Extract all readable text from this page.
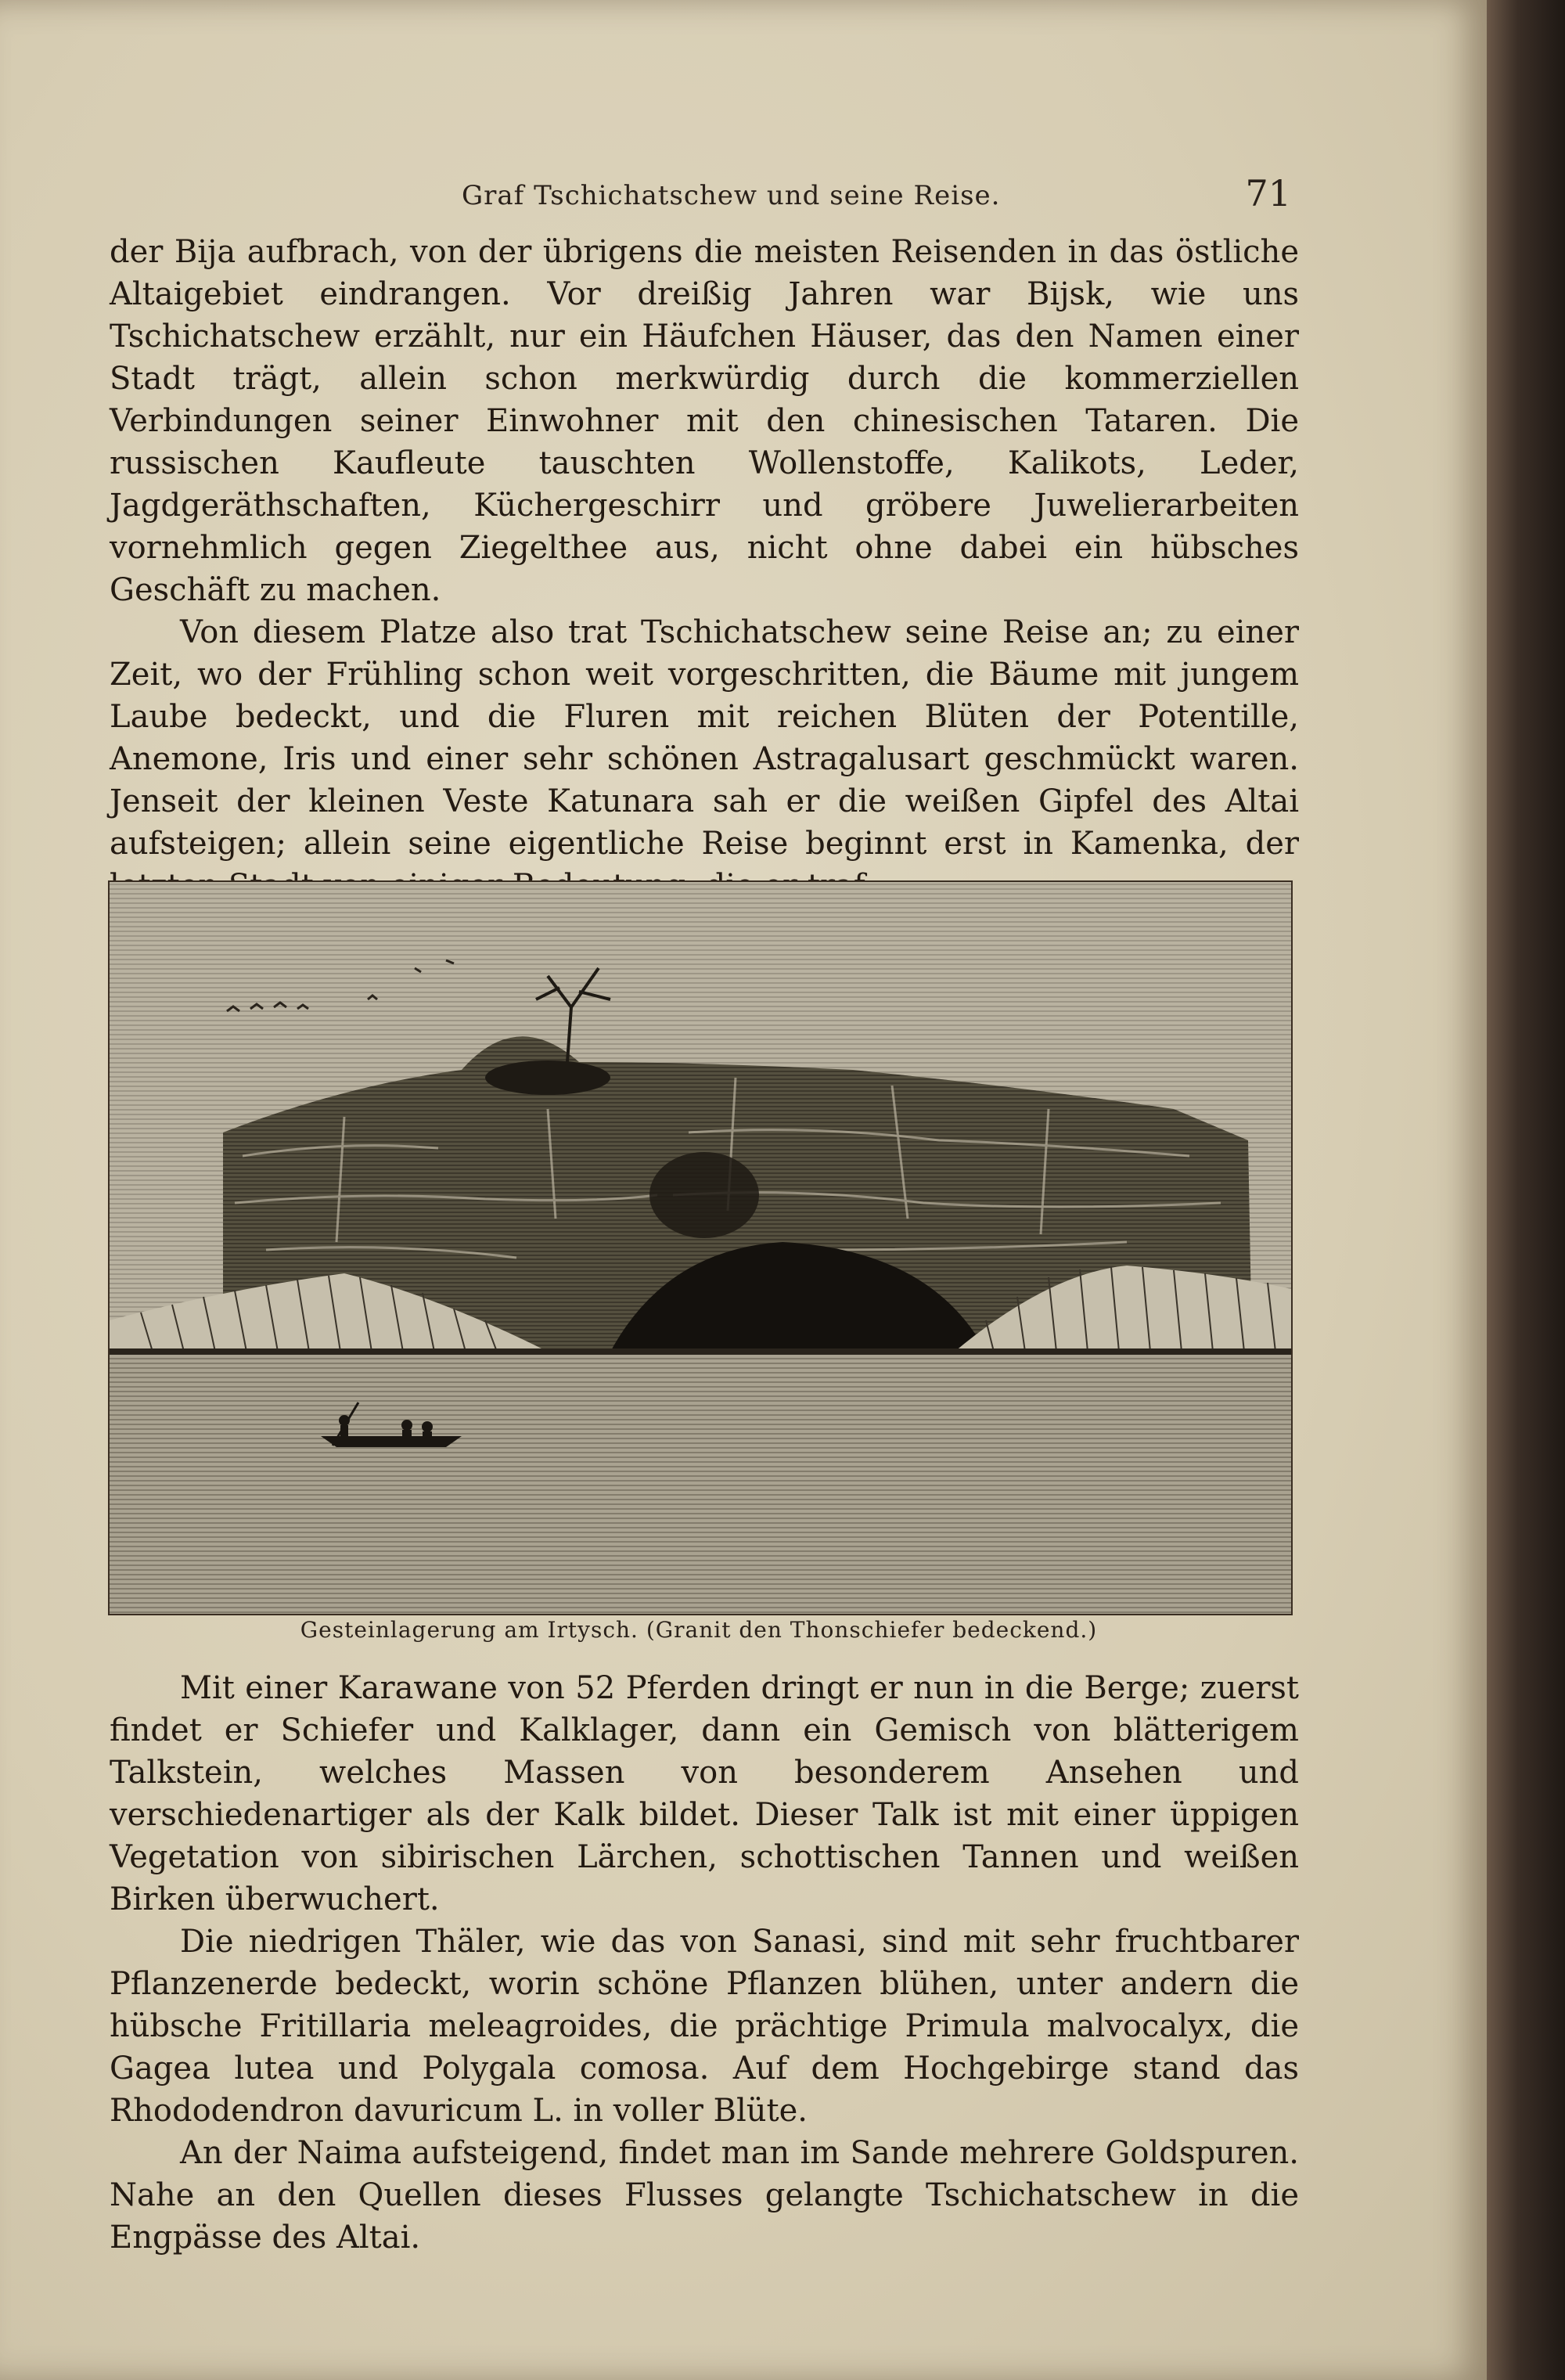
Graf Tschichatschew und seine Reise.	71

der Bija aufbrach, von der übrigens die meisten Reisenden in das östliche Altaigebiet eindrangen. Vor dreißig Jahren war Bijsk, wie uns Tschichatschew erzählt, nur ein Häufchen Häuser, das den Namen einer Stadt trägt, allein schon merkwürdig durch die kommerziellen Verbindungen seiner Einwohner mit den chinesischen Tataren. Die russischen Kaufleute tauschten Wollenstoffe, Kalikots, Leder, Jagdgeräthschaften, Küchergeschirr und gröbere Juwelierarbeiten vornehmlich gegen Ziegelthee aus, nicht ohne dabei ein hübsches Geschäft zu machen.

Von diesem Platze also trat Tschichatschew seine Reise an; zu einer Zeit, wo der Frühling schon weit vorgeschritten, die Bäume mit jungem Laube bedeckt, und die Fluren mit reichen Blüten der Potentille, Anemone, Iris und einer sehr schönen Astragalusart geschmückt waren. Jenseit der kleinen Veste Katunara sah er die weißen Gipfel des Altai aufsteigen; allein seine eigentliche Reise beginnt erst in Kamenka, der

Gesteinlagerung am Irtysch. (Granit den Thonschiefer bedeckend.)

Mit einer Karawane von 52 Pferden dringt er nun in die Berge; zuerst findet er Schiefer und Kalklager, dann ein Gemisch von blätterigem Talkstein, welches Massen von besonderem Ansehen und verschiedenartiger als der Kalk bildet. Dieser Talk ist mit einer üppigen Vegetation von sibirischen Lärchen, schottischen Tannen und weißen Birken überwuchert.

Die niedrigen Thäler, wie das von Sanasi, sind mit sehr fruchtbarer Pflanzenerde bedeckt, worin schöne Pflanzen blühen, unter andern die hübsche Fritillaria meleagroides, die prächtige Primula malvocalyx, die Gagea lutea und Polygala comosa. Auf dem Hochgebirge stand das Rhododendron davuricum L. in voller Blüte.

An der Naima aufsteigend, findet man im Sande mehrere Goldspuren. Nahe an den Quellen dieses Flusses gelangte Tschichatschew in die Engpässe des Altai.
